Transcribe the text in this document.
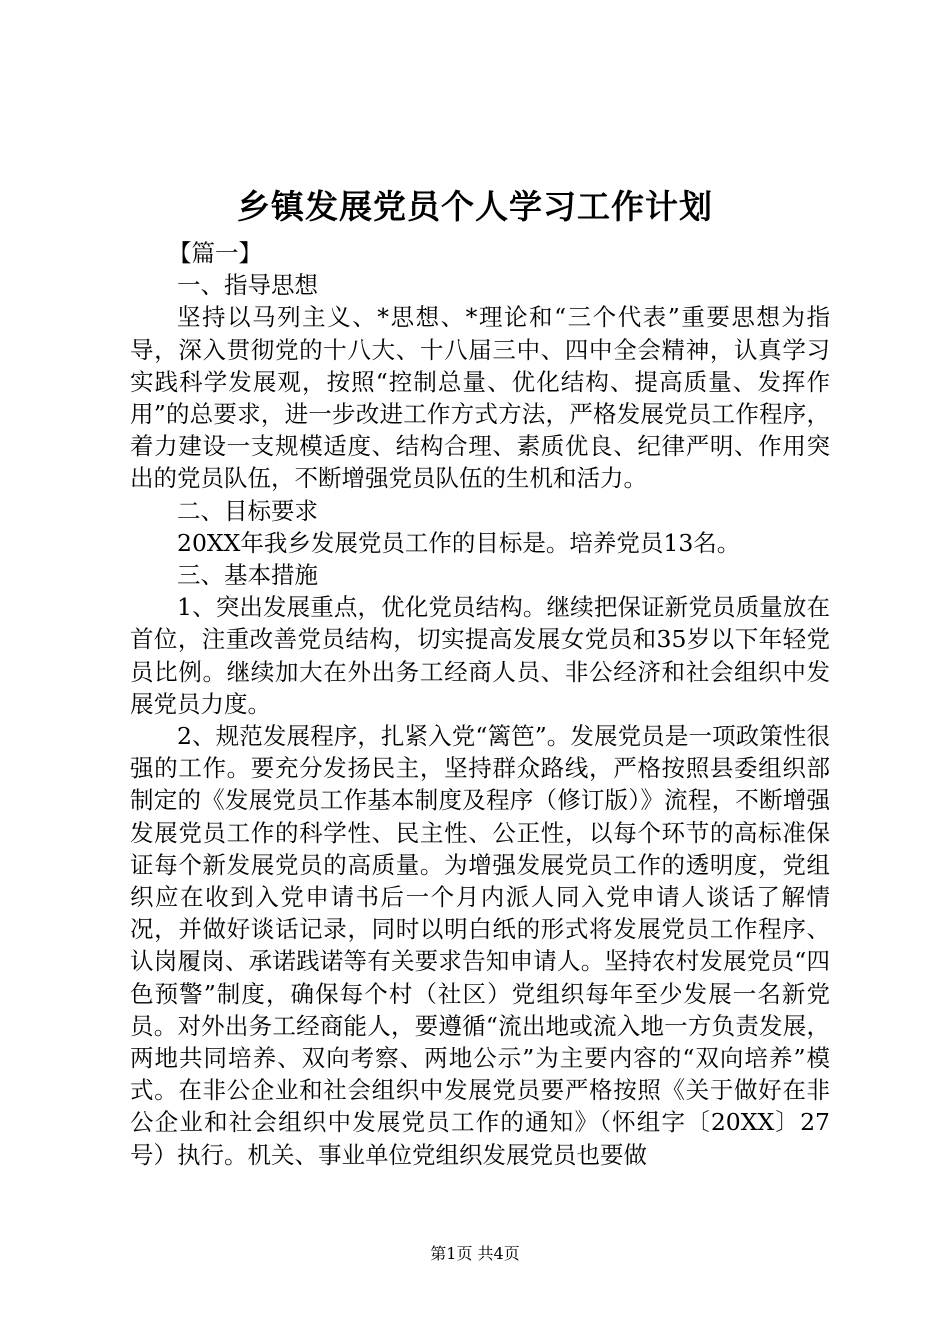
乡镇发展党员个人学习工作计划

【篇一】

一、指导思想

坚持以马列主义、*思想、*理论和“三个代表”重要思想为指导，深入贯彻党的十八大、十八届三中、四中全会精神，认真学习实践科学发展观，按照“控制总量、优化结构、提高质量、发挥作用”的总要求，进一步改进工作方式方法，严格发展党员工作程序，着力建设一支规模适度、结构合理、素质优良、纪律严明、作用突出的党员队伍，不断增强党员队伍的生机和活力。

二、目标要求

20XX年我乡发展党员工作的目标是。培养党员13名。

三、基本措施

1、突出发展重点，优化党员结构。继续把保证新党员质量放在首位，注重改善党员结构，切实提高发展女党员和35岁以下年轻党员比例。继续加大在外出务工经商人员、非公经济和社会组织中发展党员力度。

2、规范发展程序，扎紧入党“篱笆”。发展党员是一项政策性很强的工作。要充分发扬民主，坚持群众路线，严格按照县委组织部制定的《发展党员工作基本制度及程序（修订版）》流程，不断增强发展党员工作的科学性、民主性、公正性，以每个环节的高标准保证每个新发展党员的高质量。为增强发展党员工作的透明度，党组织应在收到入党申请书后一个月内派人同入党申请人谈话了解情况，并做好谈话记录，同时以明白纸的形式将发展党员工作程序、认岗履岗、承诺践诺等有关要求告知申请人。坚持农村发展党员“四色预警”制度，确保每个村（社区）党组织每年至少发展一名新党员。对外出务工经商能人，要遵循“流出地或流入地一方负责发展，两地共同培养、双向考察、两地公示”为主要内容的“双向培养”模式。在非公企业和社会组织中发展党员要严格按照《关于做好在非公企业和社会组织中发展党员工作的通知》（怀组字〔20XX〕27号）执行。机关、事业单位党组织发展党员也要做

第1页 共4页
